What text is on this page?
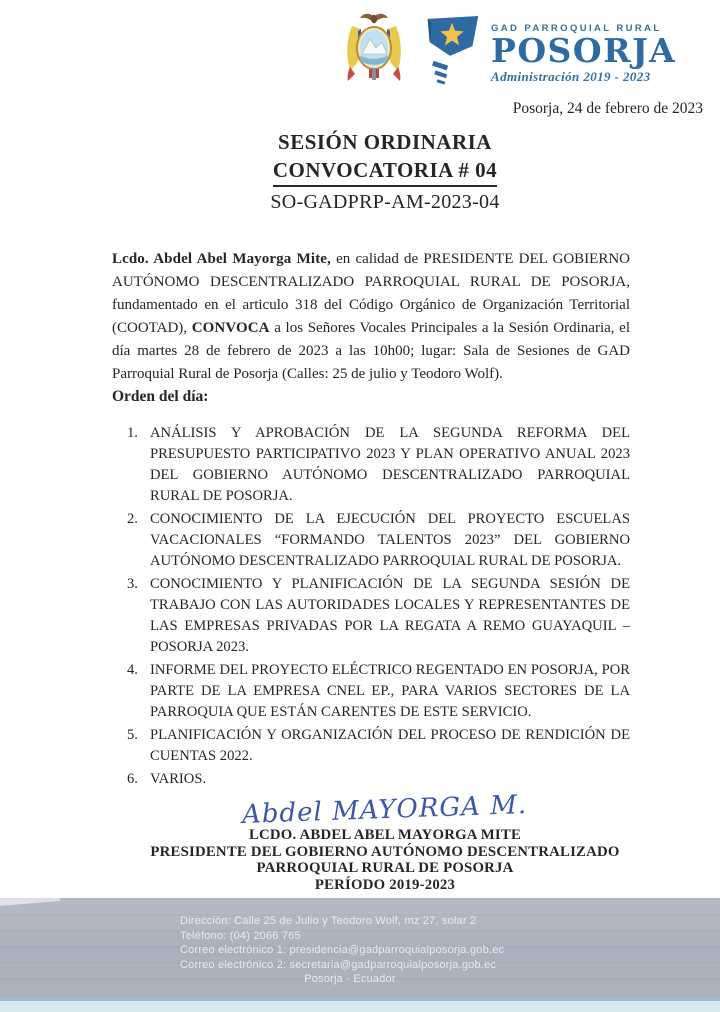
GAD PARROQUIAL RURAL
POSORJA
Administración 2019 - 2023
Posorja, 24 de febrero de 2023
SESIÓN ORDINARIA
CONVOCATORIA # 04
SO-GADPRP-AM-2023-04

Lcdo. Abdel Abel Mayorga Mite, en calidad de PRESIDENTE DEL GOBIERNO AUTÓNOMO DESCENTRALIZADO PARROQUIAL RURAL DE POSORJA, fundamentado en el articulo 318 del Código Orgánico de Organización Territorial (COOTAD), CONVOCA a los Señores Vocales Principales a la Sesión Ordinaria, el día martes 28 de febrero de 2023 a las 10h00; lugar: Sala de Sesiones de GAD Parroquial Rural de Posorja (Calles: 25 de julio y Teodoro Wolf).

Orden del día:
1. ANÁLISIS Y APROBACIÓN DE LA SEGUNDA REFORMA DEL PRESUPUESTO PARTICIPATIVO 2023 Y PLAN OPERATIVO ANUAL 2023 DEL GOBIERNO AUTÓNOMO DESCENTRALIZADO PARROQUIAL RURAL DE POSORJA.
2. CONOCIMIENTO DE LA EJECUCIÓN DEL PROYECTO ESCUELAS VACACIONALES “FORMANDO TALENTOS 2023” DEL GOBIERNO AUTÓNOMO DESCENTRALIZADO PARROQUIAL RURAL DE POSORJA.
3. CONOCIMIENTO Y PLANIFICACIÓN DE LA SEGUNDA SESIÓN DE TRABAJO CON LAS AUTORIDADES LOCALES Y REPRESENTANTES DE LAS EMPRESAS PRIVADAS POR LA REGATA A REMO GUAYAQUIL – POSORJA 2023.
4. INFORME DEL PROYECTO ELÉCTRICO REGENTADO EN POSORJA, POR PARTE DE LA EMPRESA CNEL EP., PARA VARIOS SECTORES DE LA PARROQUIA QUE ESTÁN CARENTES DE ESTE SERVICIO.
5. PLANIFICACIÓN Y ORGANIZACIÓN DEL PROCESO DE RENDICIÓN DE CUENTAS 2022.
6. VARIOS.
Abdel MAYORGA M.
LCDO. ABDEL ABEL MAYORGA MITE
PRESIDENTE DEL GOBIERNO AUTÓNOMO DESCENTRALIZADO
PARROQUIAL RURAL DE POSORJA
PERÍODO 2019-2023
Dirección: Calle 25 de Julio y Teodoro Wolf, mz 27, solar 2
Teléfono: (04) 2066 765
Correo electrónico 1: presidencia@gadparroquialposorja.gob.ec
Correo electrónico 2: secretaria@gadparroquialposorja.gob.ec
Posorja - Ecuador
